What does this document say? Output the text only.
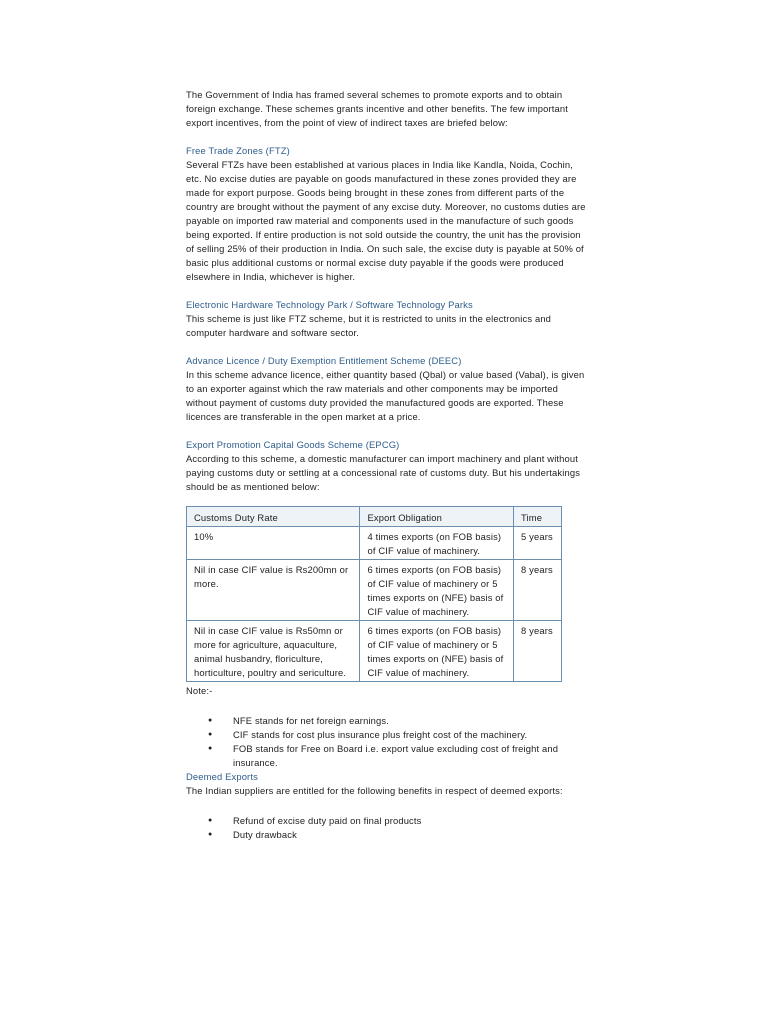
The Government of India has framed several schemes to promote exports and to obtain foreign exchange. These schemes grants incentive and other benefits. The few important export incentives, from the point of view of indirect taxes are briefed below:

Free Trade Zones (FTZ)

Several FTZs have been established at various places in India like Kandla, Noida, Cochin, etc. No excise duties are payable on goods manufactured in these zones provided they are made for export purpose. Goods being brought in these zones from different parts of the country are brought without the payment of any excise duty. Moreover, no customs duties are payable on imported raw material and components used in the manufacture of such goods being exported. If entire production is not sold outside the country, the unit has the provision of selling 25% of their production in India. On such sale, the excise duty is payable at 50% of basic plus additional customs or normal excise duty payable if the goods were produced elsewhere in India, whichever is higher.

Electronic Hardware Technology Park / Software Technology Parks

This scheme is just like FTZ scheme, but it is restricted to units in the electronics and computer hardware and software sector.

Advance Licence / Duty Exemption Entitlement Scheme (DEEC)

In this scheme advance licence, either quantity based (Qbal) or value based (Vabal), is given to an exporter against which the raw materials and other components may be imported without payment of customs duty provided the manufactured goods are exported. These licences are transferable in the open market at a price.

Export Promotion Capital Goods Scheme (EPCG)

According to this scheme, a domestic manufacturer can import machinery and plant without paying customs duty or settling at a concessional rate of customs duty. But his undertakings should be as mentioned below:

Customs Duty Rate	Export Obligation	Time
10%	4 times exports (on FOB basis) of CIF value of machinery.	5 years
Nil in case CIF value is Rs200mn or more.	6 times exports (on FOB basis) of CIF value of machinery or 5 times exports on (NFE) basis of CIF value of machinery.	8 years
Nil in case CIF value is Rs50mn or more for agriculture, aquaculture, animal husbandry, floriculture, horticulture, poultry and sericulture.	6 times exports (on FOB basis) of CIF value of machinery or 5 times exports on (NFE) basis of CIF value of machinery.	8 years

Note:-

● NFE stands for net foreign earnings.
● CIF stands for cost plus insurance plus freight cost of the machinery.
● FOB stands for Free on Board i.e. export value excluding cost of freight and insurance.

Deemed Exports

The Indian suppliers are entitled for the following benefits in respect of deemed exports:

● Refund of excise duty paid on final products
● Duty drawback
